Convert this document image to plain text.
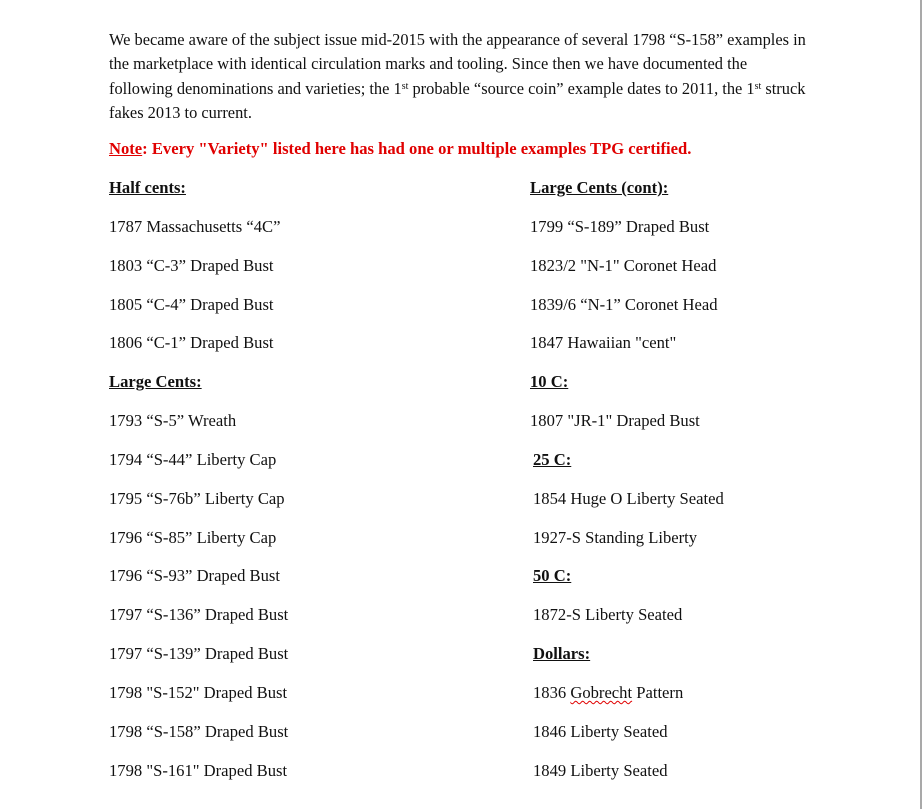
We became aware of the subject issue mid-2015 with the appearance of several 1798 “S-158” examples in the marketplace with identical circulation marks and tooling. Since then we have documented the following denominations and varieties; the 1st probable “source coin” example dates to 2011, the 1st struck fakes 2013 to current.

Note: Every "Variety" listed here has had one or multiple examples TPG certified.
Half cents:
1787 Massachusetts “4C”
1803 “C-3” Draped Bust
1805 “C-4” Draped Bust
1806 “C-1” Draped Bust
Large Cents:
1793 “S-5” Wreath
1794 “S-44” Liberty Cap
1795 “S-76b” Liberty Cap
1796 “S-85” Liberty Cap
1796 “S-93” Draped Bust
1797 “S-136” Draped Bust
1797 “S-139” Draped Bust
1798 "S-152" Draped Bust
1798 “S-158” Draped Bust
1798 "S-161" Draped Bust
Large Cents (cont):
1799 “S-189” Draped Bust
1823/2 "N-1" Coronet Head
1839/6 “N-1” Coronet Head
1847 Hawaiian "cent"
10 C:
1807 "JR-1" Draped Bust
25 C:
1854 Huge O Liberty Seated
1927-S Standing Liberty
50 C:
1872-S Liberty Seated
Dollars:
1836 Gobrecht Pattern
1846 Liberty Seated
1849 Liberty Seated
